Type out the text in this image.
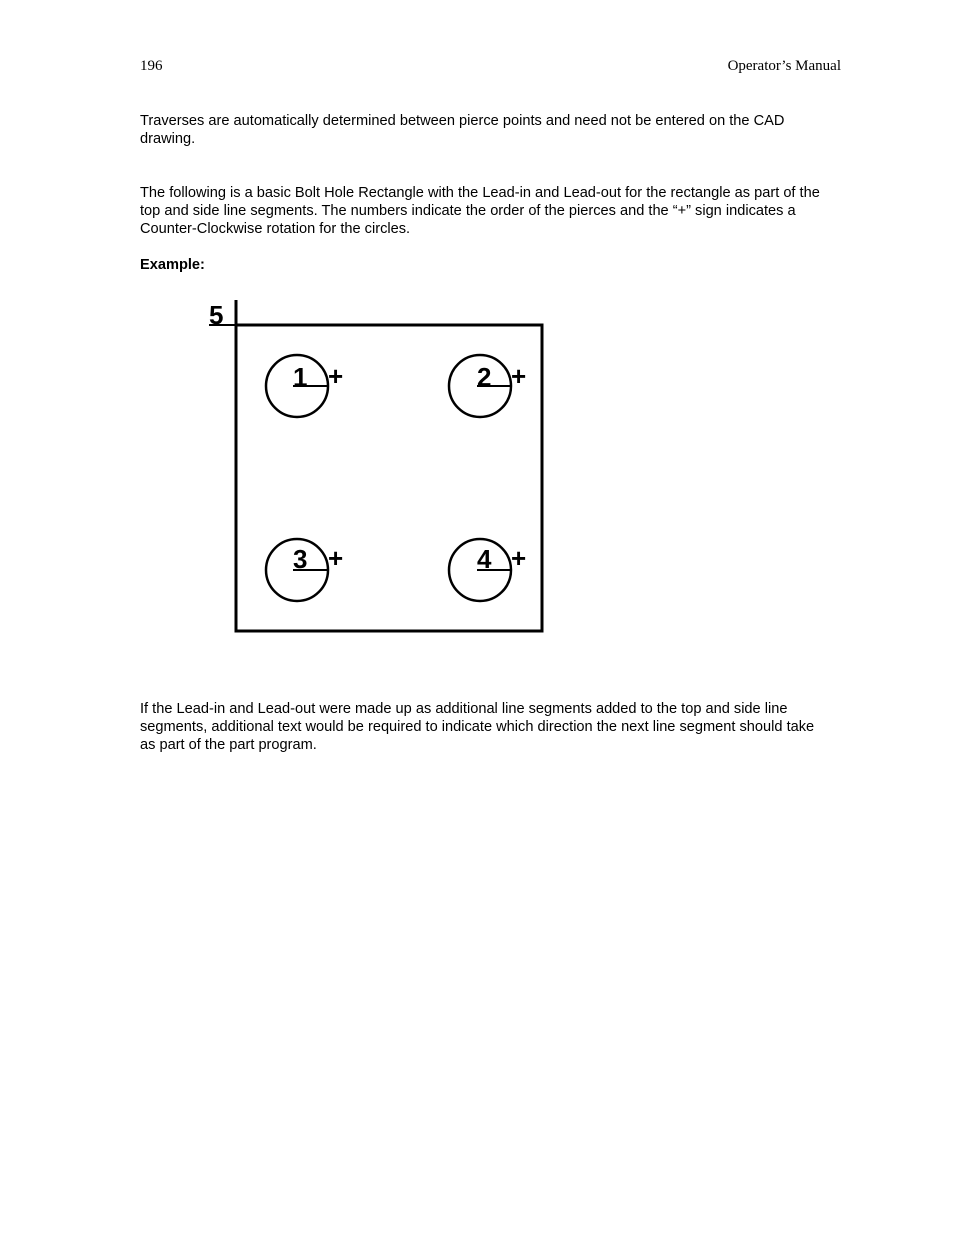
196	Operator’s Manual

Traverses are automatically determined between pierce points and need not be entered on the CAD drawing.

The following is a basic Bolt Hole Rectangle with the Lead-in and Lead-out for the rectangle as part of the top and side line segments. The numbers indicate the order of the pierces and the “+” sign indicates a Counter-Clockwise rotation for the circles.

Example:

5
1 +	2 +
3 +	4 +

If the Lead-in and Lead-out were made up as additional line segments added to the top and side line segments, additional text would be required to indicate which direction the next line segment should take as part of the part program.
